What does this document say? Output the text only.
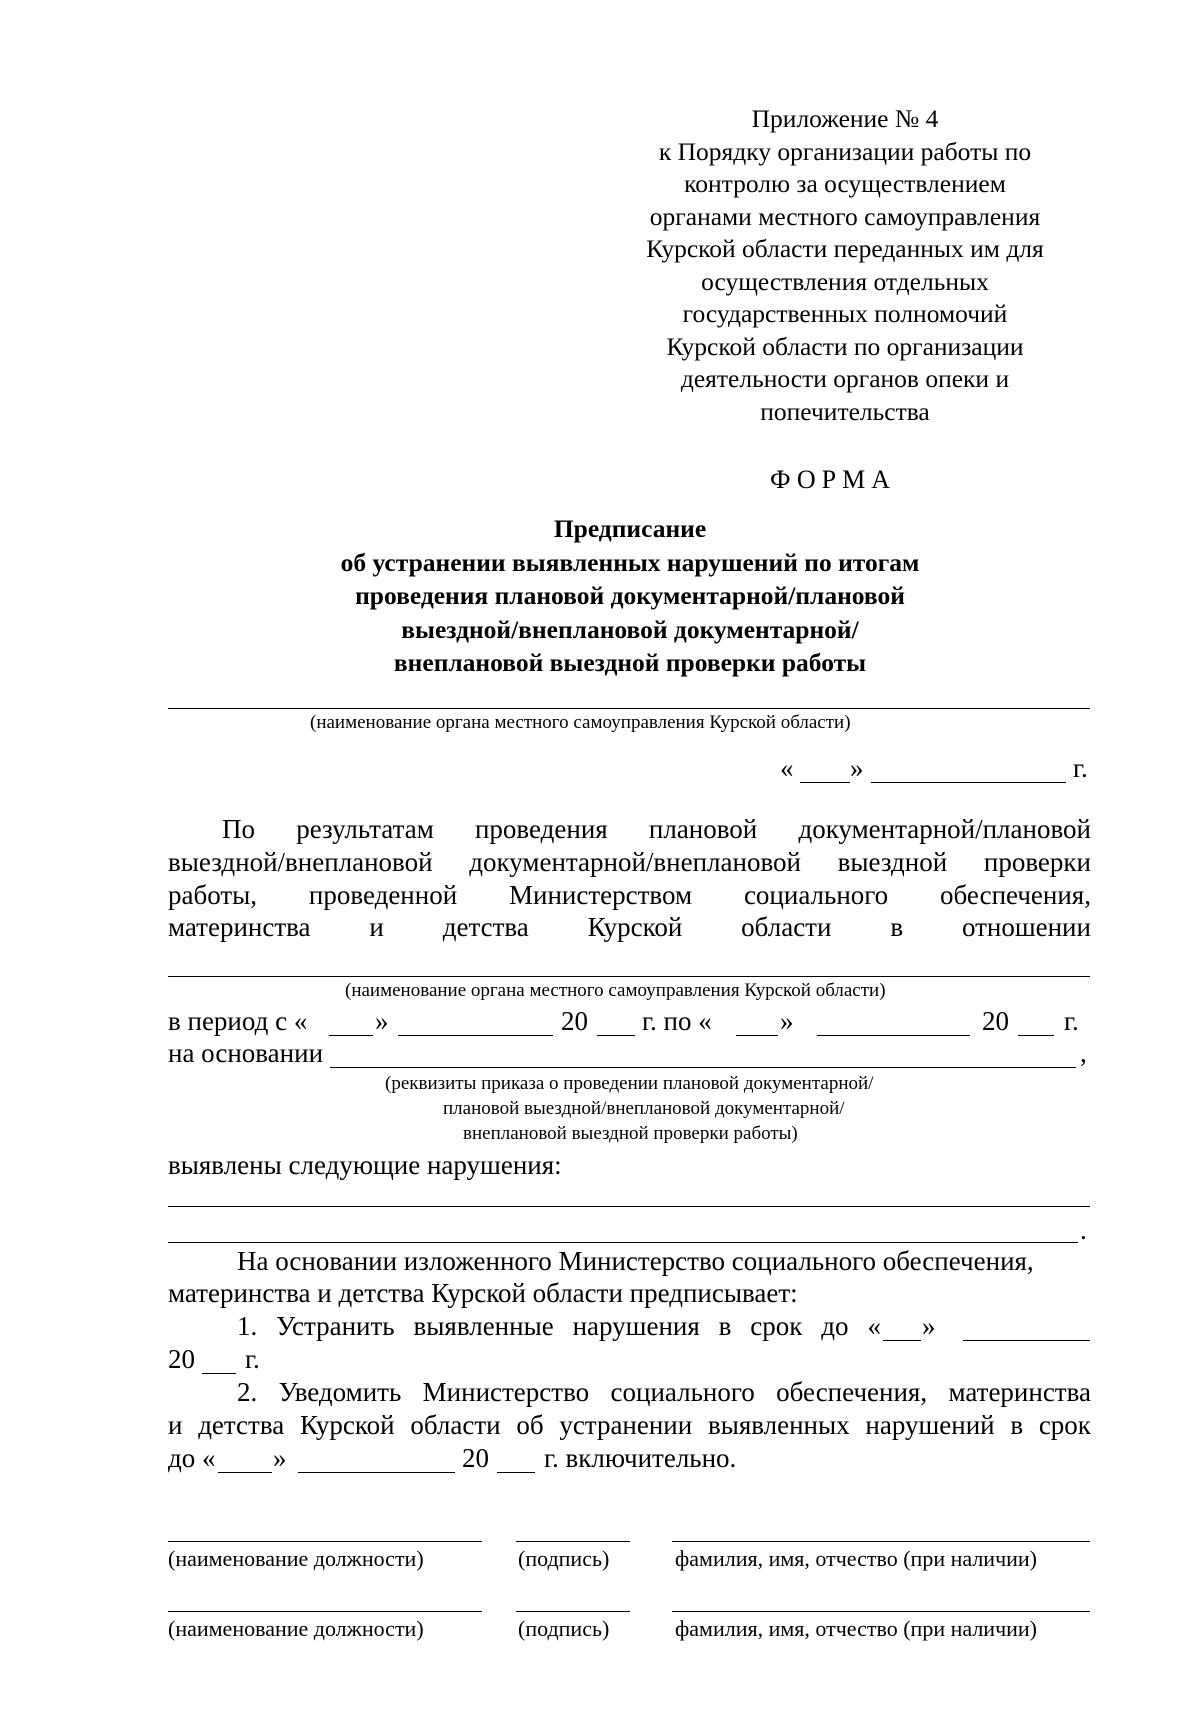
Приложение № 4
к Порядку организации работы по
контролю за осуществлением
органами местного самоуправления
Курской области переданных им для
осуществления отдельных
государственных полномочий
Курской области по организации
деятельности органов опеки и
попечительства
ФОРМА
Предписание
об устранении выявленных нарушений по итогам
проведения плановой документарной/плановой
выездной/внеплановой документарной/
внеплановой выездной проверки работы
(наименование органа местного самоуправления Курской области)
« »	г.
По результатам проведения плановой документарной/плановой
выездной/внеплановой документарной/внеплановой выездной проверки
работы, проведенной Министерством социального обеспечения,
материнства и детства Курской области в отношении
(наименование органа местного самоуправления Курской области)
в период с «	»	20 г. по «	»	20 г.
на основании	,
(реквизиты приказа о проведении плановой документарной/
плановой выездной/внеплановой документарной/
внеплановой выездной проверки работы)
выявлены следующие нарушения:
.
На основании изложенного Министерство социального обеспечения,
материнства и детства Курской области предписывает:
1. Устранить выявленные нарушения в срок до « »
20 г.
2. Уведомить Министерство социального обеспечения, материнства
и детства Курской области об устранении выявленных нарушений в срок
до « »	20 г. включительно.
(наименование должности)	(подпись)	фамилия, имя, отчество (при наличии)
(наименование должности)	(подпись)	фамилия, имя, отчество (при наличии)
